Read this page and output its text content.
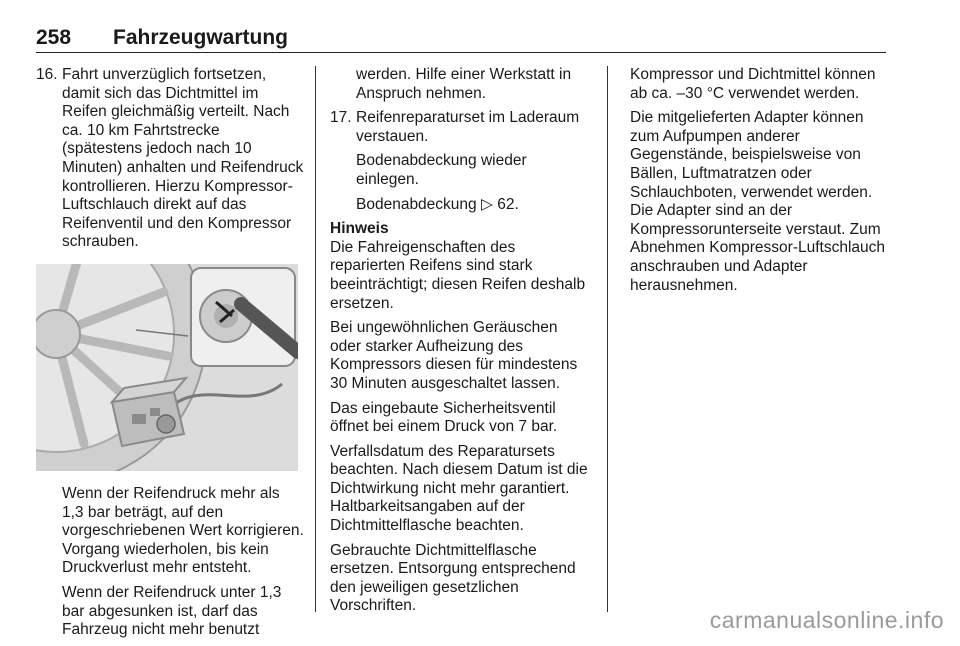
258 Fahrzeugwartung
16. Fahrt unverzüglich fortsetzen, damit sich das Dichtmittel im Reifen gleichmäßig verteilt. Nach ca. 10 km Fahrtstrecke (spätestens jedoch nach 10 Minuten) anhalten und Reifendruck kontrollieren. Hierzu Kompressor-Luftschlauch direkt auf das Reifenventil und den Kompressor schrauben.

Wenn der Reifendruck mehr als 1,3 bar beträgt, auf den vorgeschriebenen Wert korrigieren. Vorgang wiederholen, bis kein Druckverlust mehr entsteht.

Wenn der Reifendruck unter 1,3 bar abgesunken ist, darf das Fahrzeug nicht mehr benutzt

werden. Hilfe einer Werkstatt in Anspruch nehmen.

17. Reifenreparaturset im Laderaum verstauen.

Bodenabdeckung wieder einlegen.

Bodenabdeckung ▷ 62.

Hinweis

Die Fahreigenschaften des reparierten Reifens sind stark beeinträchtigt; diesen Reifen deshalb ersetzen.

Bei ungewöhnlichen Geräuschen oder starker Aufheizung des Kompressors diesen für mindestens 30 Minuten ausgeschaltet lassen.

Das eingebaute Sicherheitsventil öffnet bei einem Druck von 7 bar.

Verfallsdatum des Reparatursets beachten. Nach diesem Datum ist die Dichtwirkung nicht mehr garantiert. Haltbarkeitsangaben auf der Dichtmittelflasche beachten.

Gebrauchte Dichtmittelflasche ersetzen. Entsorgung entsprechend den jeweiligen gesetzlichen Vorschriften.

Kompressor und Dichtmittel können ab ca. –30 °C verwendet werden.

Die mitgelieferten Adapter können zum Aufpumpen anderer Gegenstände, beispielsweise von Bällen, Luftmatratzen oder Schlauchboten, verwendet werden. Die Adapter sind an der Kompressorunterseite verstaut. Zum Abnehmen Kompressor-Luftschlauch anschrauben und Adapter herausnehmen.

carmanualsonline.info
